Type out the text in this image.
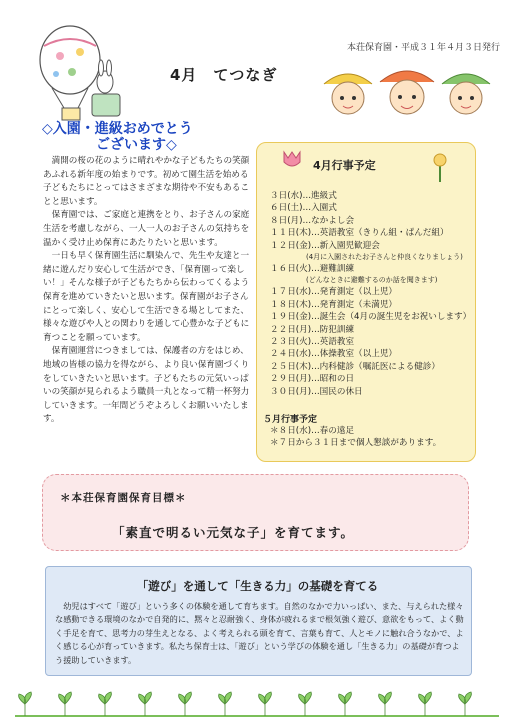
本荘保育園・平成３１年４月３日発行
4月　てつなぎ
◇入園・進級おめでとう
ございます◇

満開の桜の花のように晴れやかな子どもたちの笑顔あふれる新年度の始まりです。初めて園生活を始める子どもたちにとってはさまざまな期待や不安もあることと思います。

保育園では、ご家庭と連携をとり、お子さんの家庭生活を考慮しながら、一人一人のお子さんの気持ちを温かく受け止め保育にあたりたいと思います。

一日も早く保育園生活に馴染んで、先生や友達と一緒に遊んだり安心して生活ができ、「保育園って楽しい！」そんな様子が子どもたちから伝わってくるよう保育を進めていきたいと思います。保育園がお子さんにとって楽しく、安心して生活できる場としてまた、様々な遊びや人との関わりを通して心豊かな子どもに育つことを願っています。

保育園運営につきましては、保護者の方をはじめ、地域の皆様の協力を得ながら、より良い保育園づくりをしていきたいと思います。子どもたちの元気いっぱいの笑顔が見られるよう職員一丸となって精一杯努力していきます。一年間どうぞよろしくお願いいたします。

4月行事予定
３日(水)…進級式
６日(土)…入園式
８日(月)…なかよし会
１１日(木)…英語教室（きりん組・ぱんだ組）
１２日(金)…新入園児歓迎会
(4月に入園されたお子さんと仲良くなりましょう)
１６日(火)…避難訓練
(どんなときに避難するのか話を聞きます)
１７日(水)…発育測定（以上児）
１８日(木)…発育測定（未満児）
１９日(金)…誕生会（4月の誕生児をお祝いします）
２２日(月)…防犯訓練
２３日(火)…英語教室
２４日(水)…体操教室（以上児）
２５日(木)…内科健診（嘱託医による健診）
２９日(月)…昭和の日
３０日(月)…国民の休日
５月行事予定
＊８日(水)…春の遠足
＊７日から３１日まで個人懇談があります。
＊本荘保育園保育目標＊
「素直で明るい元気な子」を育てます。
「遊び」を通して「生きる力」の基礎を育てる
幼児はすべて「遊び」という多くの体験を通して育ちます。自然のなかで力いっぱい、また、与えられた様々な感動できる環境のなかで自発的に、黙々と忍耐強く、身体が疲れるまで根気強く遊び、意欲をもって、よく動く手足を育て、思考力の芽生えとなる、よく考えられる頭を育て、言葉も育て、人とモノに触れ合うなかで、よく感じる心が育っていきます。私たち保育士は、「遊び」という学びの体験を通し「生きる力」の基礎が育つよう援助していきます。
